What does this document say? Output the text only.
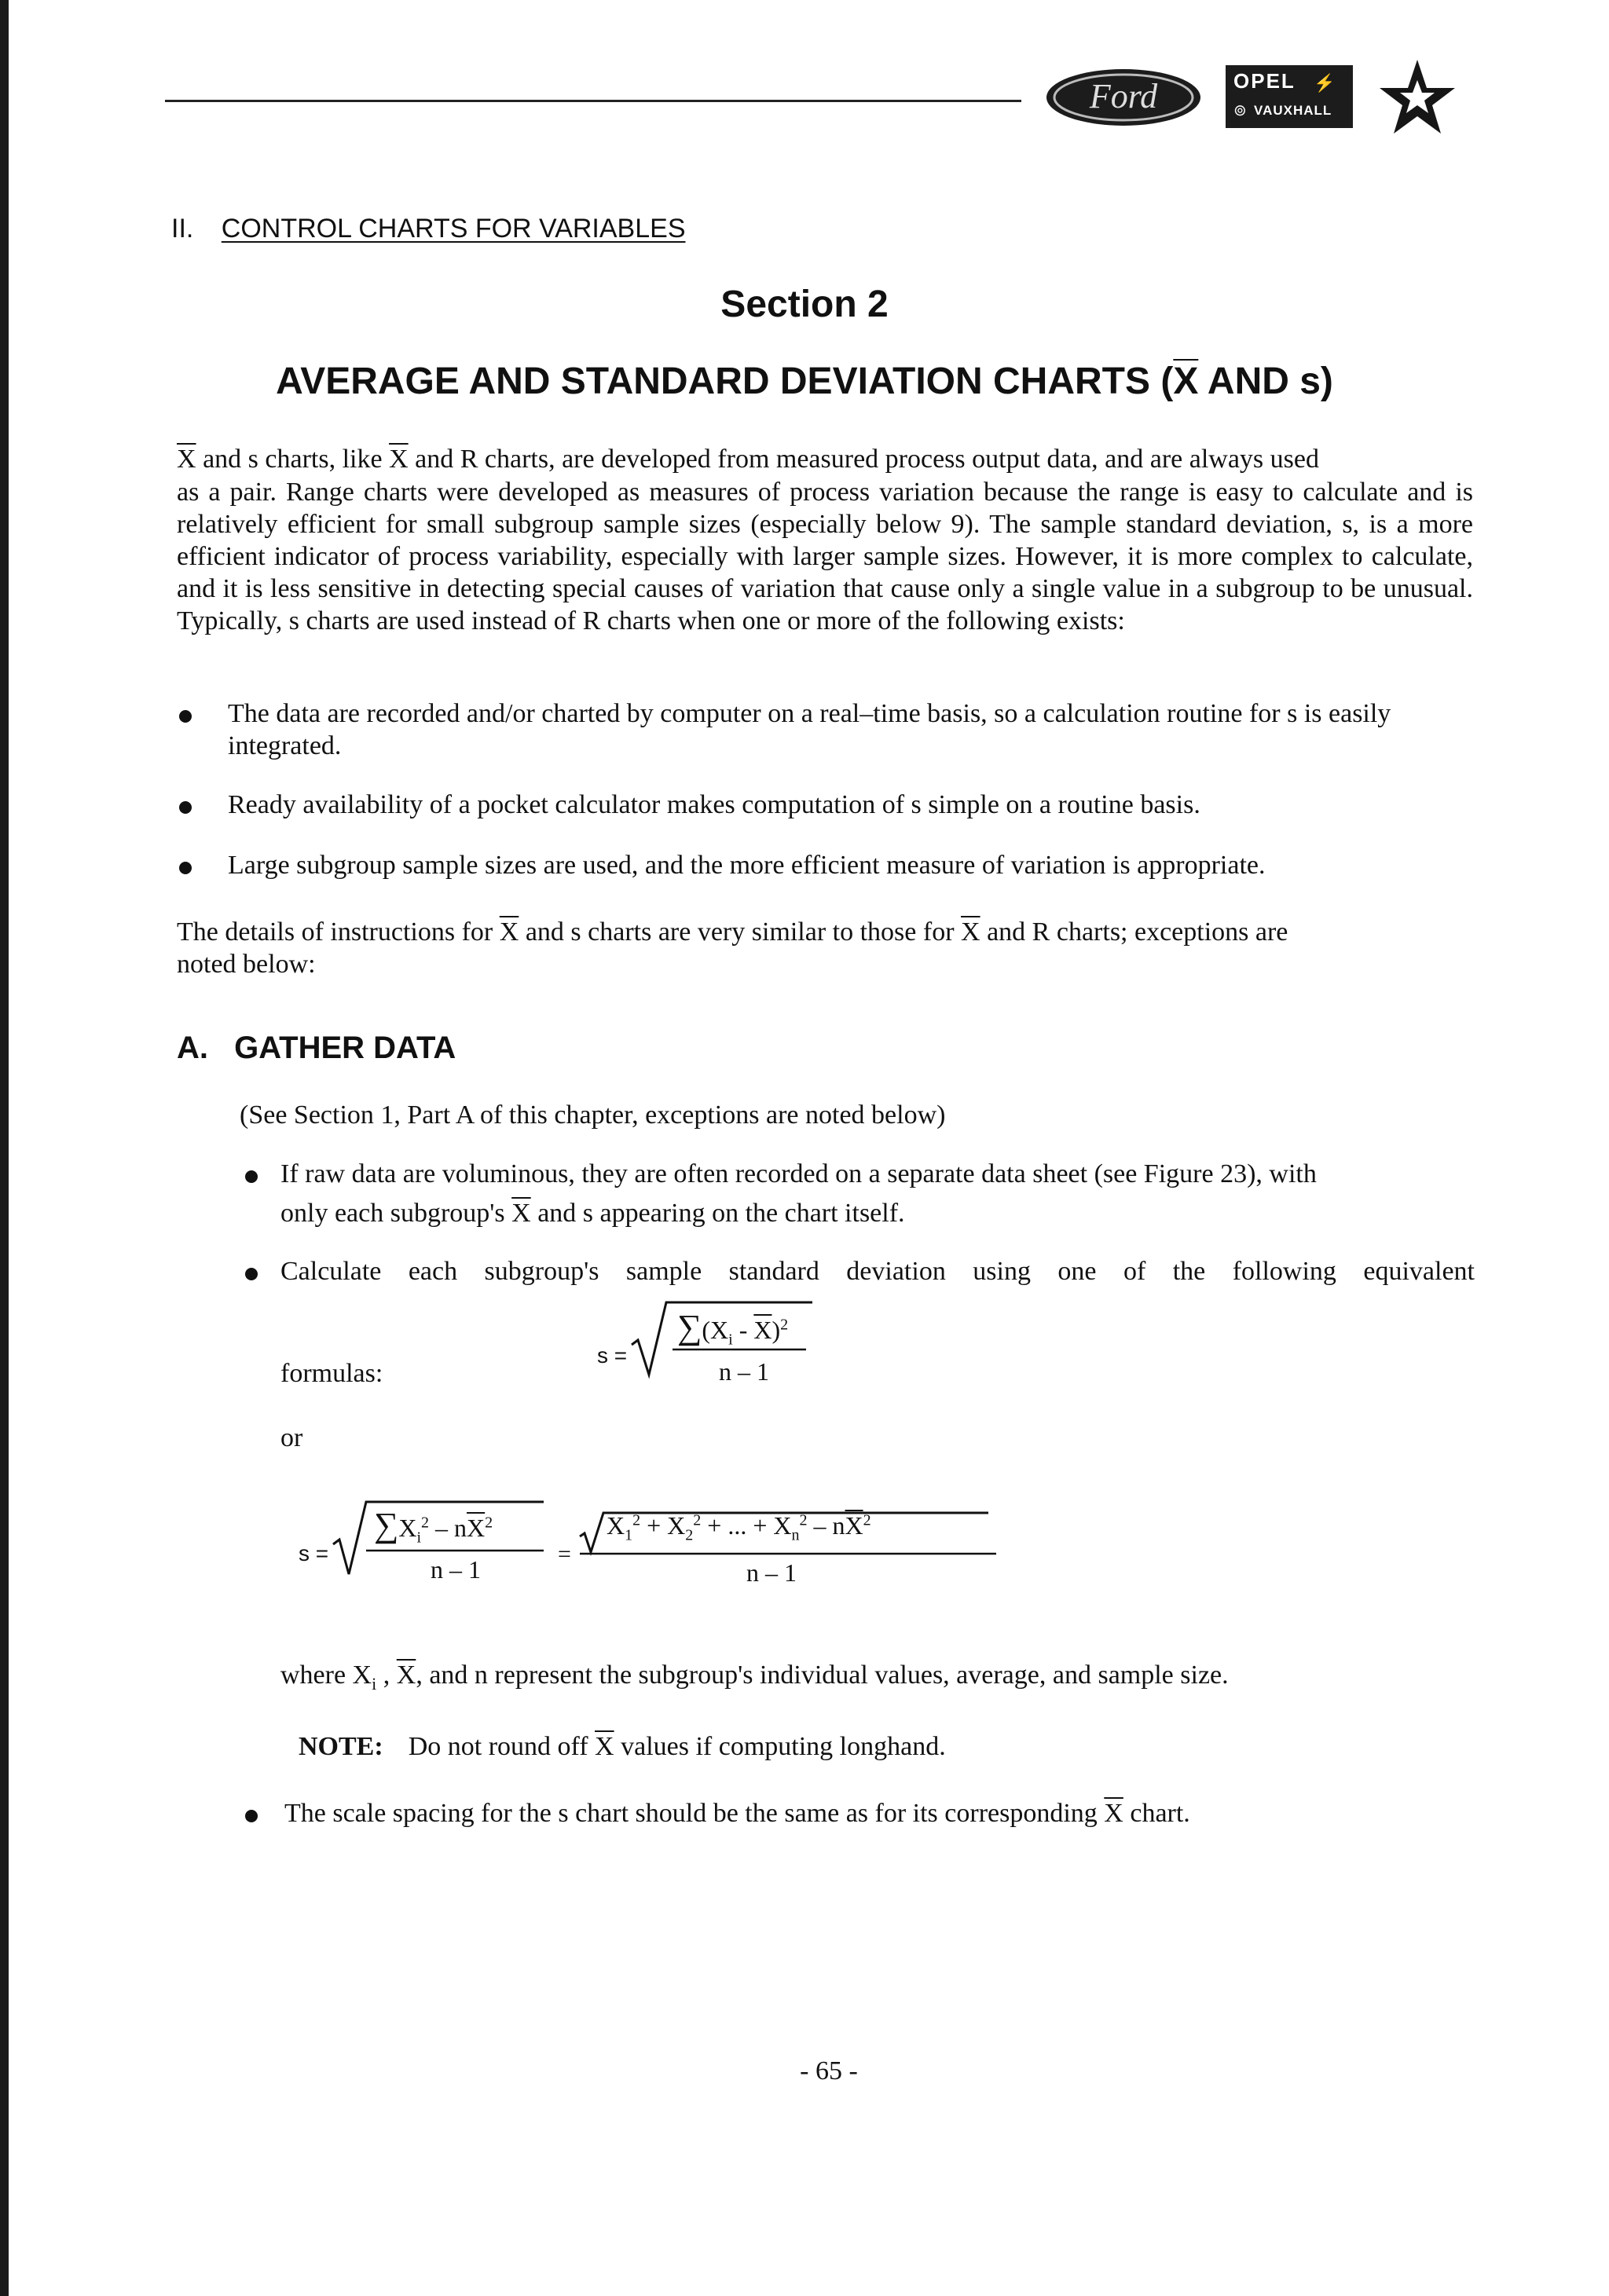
Ford	OPEL ⚡
⊚ VAUXHALL
II. CONTROL CHARTS FOR VARIABLES
Section 2
AVERAGE AND STANDARD DEVIATION CHARTS ($\overline{X}$ AND s)
$\overline{X}$ and s charts, like $\overline{X}$ and R charts, are developed from measured process output data, and are always used
as a pair. Range charts were developed as measures of process variation because the range is easy to calculate and is relatively efficient for small subgroup sample sizes (especially below 9). The sample standard deviation, s, is a more efficient indicator of process variability, especially with larger sample sizes. However, it is more complex to calculate, and it is less sensitive in detecting special causes of variation that cause only a single value in a subgroup to be unusual. Typically, s charts are used instead of R charts when one or more of the following exists:
The data are recorded and/or charted by computer on a real–time basis, so a calculation routine for s is easily integrated.
Ready availability of a pocket calculator makes computation of s simple on a routine basis.
Large subgroup sample sizes are used, and the more efficient measure of variation is appropriate.
The details of instructions for $\overline{X}$ and s charts are very similar to those for $\overline{X}$ and R charts; exceptions are
noted below:
A. GATHER DATA
(See Section 1, Part A of this chapter, exceptions are noted below)
If raw data are voluminous, they are often recorded on a separate data sheet (see Figure 23), with
only each subgroup's $\overline{X}$ and s appearing on the chart itself.
Calculate each subgroup's sample standard deviation using one of the following equivalent
formulas:
s =
$\sum(X_i - \overline{X})^2$
n – 1
or
s =
$\sum X_i^2 - n\overline{X}^2$
n – 1
=
$X_1^2 + X_2^2$ + ... + $X_n^2 - n\overline{X}^2$
n – 1
where $X_i$ , $\overline{X}$, and n represent the subgroup's individual values, average, and sample size.
NOTE: Do not round off $\overline{X}$ values if computing longhand.
The scale spacing for the s chart should be the same as for its corresponding $\overline{X}$ chart.
- 65 -
